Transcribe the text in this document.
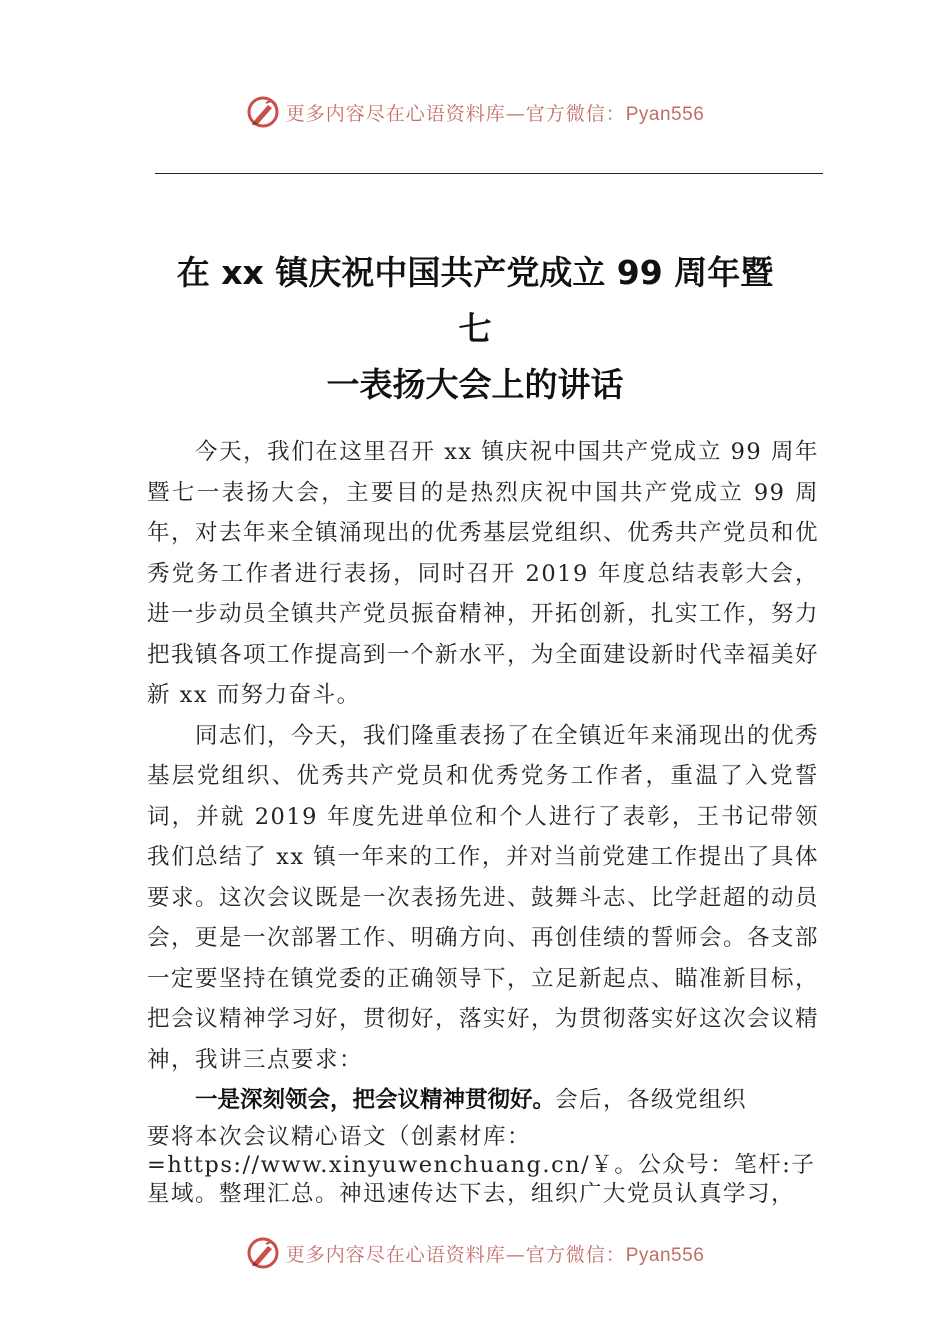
更多内容尽在心语资料库—官方微信：Pyan556
在 xx 镇庆祝中国共产党成立 99 周年暨
七
一表扬大会上的讲话

今天，我们在这里召开 xx 镇庆祝中国共产党成立 99 周年暨七一表扬大会，主要目的是热烈庆祝中国共产党成立 99 周年，对去年来全镇涌现出的优秀基层党组织、优秀共产党员和优秀党务工作者进行表扬，同时召开 2019 年度总结表彰大会，进一步动员全镇共产党员振奋精神，开拓创新，扎实工作，努力把我镇各项工作提高到一个新水平，为全面建设新时代幸福美好新 xx 而努力奋斗。

同志们，今天，我们隆重表扬了在全镇近年来涌现出的优秀基层党组织、优秀共产党员和优秀党务工作者，重温了入党誓词，并就 2019 年度先进单位和个人进行了表彰，王书记带领我们总结了 xx 镇一年来的工作，并对当前党建工作提出了具体要求。这次会议既是一次表扬先进、鼓舞斗志、比学赶超的动员会，更是一次部署工作、明确方向、再创佳绩的誓师会。各支部一定要坚持在镇党委的正确领导下，立足新起点、瞄准新目标，把会议精神学习好，贯彻好，落实好，为贯彻落实好这次会议精神，我讲三点要求：

一是深刻领会，把会议精神贯彻好。会后，各级党组织

要将本次会议精心语文（创素材库：=https://www.xinyuwenchuang.cn/￥。公众号：笔杆:子星域。整理汇总。神迅速传达下去，组织广大党员认真学习，

更多内容尽在心语资料库—官方微信：Pyan556
